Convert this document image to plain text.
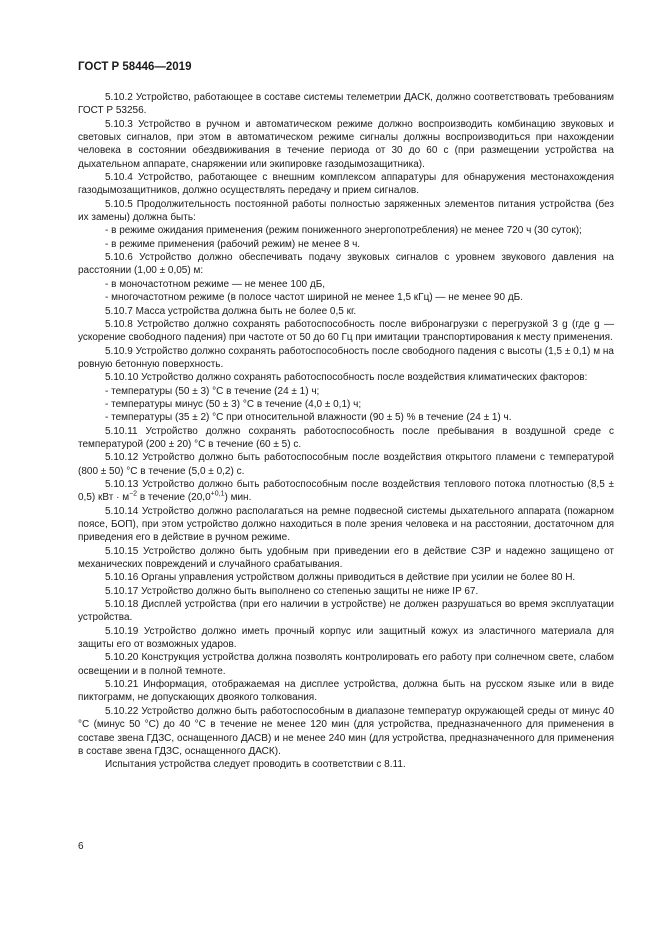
ГОСТ Р 58446—2019

5.10.2 Устройство, работающее в составе системы телеметрии ДАСК, должно соответствовать требованиям ГОСТ Р 53256.

5.10.3 Устройство в ручном и автоматическом режиме должно воспроизводить комбинацию звуковых и световых сигналов, при этом в автоматическом режиме сигналы должны воспроизводиться при нахождении человека в состоянии обездвиживания в течение периода от 30 до 60 с (при размещении устройства на дыхательном аппарате, снаряжении или экипировке газодымозащитника).

5.10.4 Устройство, работающее с внешним комплексом аппаратуры для обнаружения местонахождения газодымозащитников, должно осуществлять передачу и прием сигналов.

5.10.5 Продолжительность постоянной работы полностью заряженных элементов питания устройства (без их замены) должна быть:

- в режиме ожидания применения (режим пониженного энергопотребления) не менее 720 ч (30 суток);

- в режиме применения (рабочий режим) не менее 8 ч.

5.10.6 Устройство должно обеспечивать подачу звуковых сигналов с уровнем звукового давления на расстоянии (1,00 ± 0,05) м:

- в моночастотном режиме — не менее 100 дБ,

- многочастотном режиме (в полосе частот шириной не менее 1,5 кГц) — не менее 90 дБ.

5.10.7 Масса устройства должна быть не более 0,5 кг.

5.10.8 Устройство должно сохранять работоспособность после вибронагрузки с перегрузкой 3 g (где g — ускорение свободного падения) при частоте от 50 до 60 Гц при имитации транспортирования к месту применения.

5.10.9 Устройство должно сохранять работоспособность после свободного падения с высоты (1,5 ± 0,1) м на ровную бетонную поверхность.

5.10.10 Устройство должно сохранять работоспособность после воздействия климатических факторов:

- температуры (50 ± 3) °С в течение (24 ± 1) ч;

- температуры минус (50 ± 3) °С в течение (4,0 ± 0,1) ч;

- температуры (35 ± 2) °С при относительной влажности (90 ± 5) % в течение (24 ± 1) ч.

5.10.11 Устройство должно сохранять работоспособность после пребывания в воздушной среде с температурой (200 ± 20) °С в течение (60 ± 5) с.

5.10.12 Устройство должно быть работоспособным после воздействия открытого пламени с температурой (800 ± 50) °С в течение (5,0 ± 0,2) с.

5.10.13 Устройство должно быть работоспособным после воздействия теплового потока плотностью (8,5 ± 0,5) кВт · $м^{-2}$ в течение $(20,0^{+0,1})$ мин.

5.10.14 Устройство должно располагаться на ремне подвесной системы дыхательного аппарата (пожарном поясе, БОП), при этом устройство должно находиться в поле зрения человека и на расстоянии, достаточном для приведения его в действие в ручном режиме.

5.10.15 Устройство должно быть удобным при приведении его в действие СЗР и надежно защищено от механических повреждений и случайного срабатывания.

5.10.16 Органы управления устройством должны приводиться в действие при усилии не более 80 Н.

5.10.17 Устройство должно быть выполнено со степенью защиты не ниже IP 67.

5.10.18 Дисплей устройства (при его наличии в устройстве) не должен разрушаться во время эксплуатации устройства.

5.10.19 Устройство должно иметь прочный корпус или защитный кожух из эластичного материала для защиты его от возможных ударов.

5.10.20 Конструкция устройства должна позволять контролировать его работу при солнечном свете, слабом освещении и в полной темноте.

5.10.21 Информация, отображаемая на дисплее устройства, должна быть на русском языке или в виде пиктограмм, не допускающих двоякого толкования.

5.10.22 Устройство должно быть работоспособным в диапазоне температур окружающей среды от минус 40 °С (минус 50 °С) до 40 °С в течение не менее 120 мин (для устройства, предназначенного для применения в составе звена ГДЗС, оснащенного ДАСВ) и не менее 240 мин (для устройства, предназначенного для применения в составе звена ГДЗС, оснащенного ДАСК).

Испытания устройства следует проводить в соответствии с 8.11.

6
